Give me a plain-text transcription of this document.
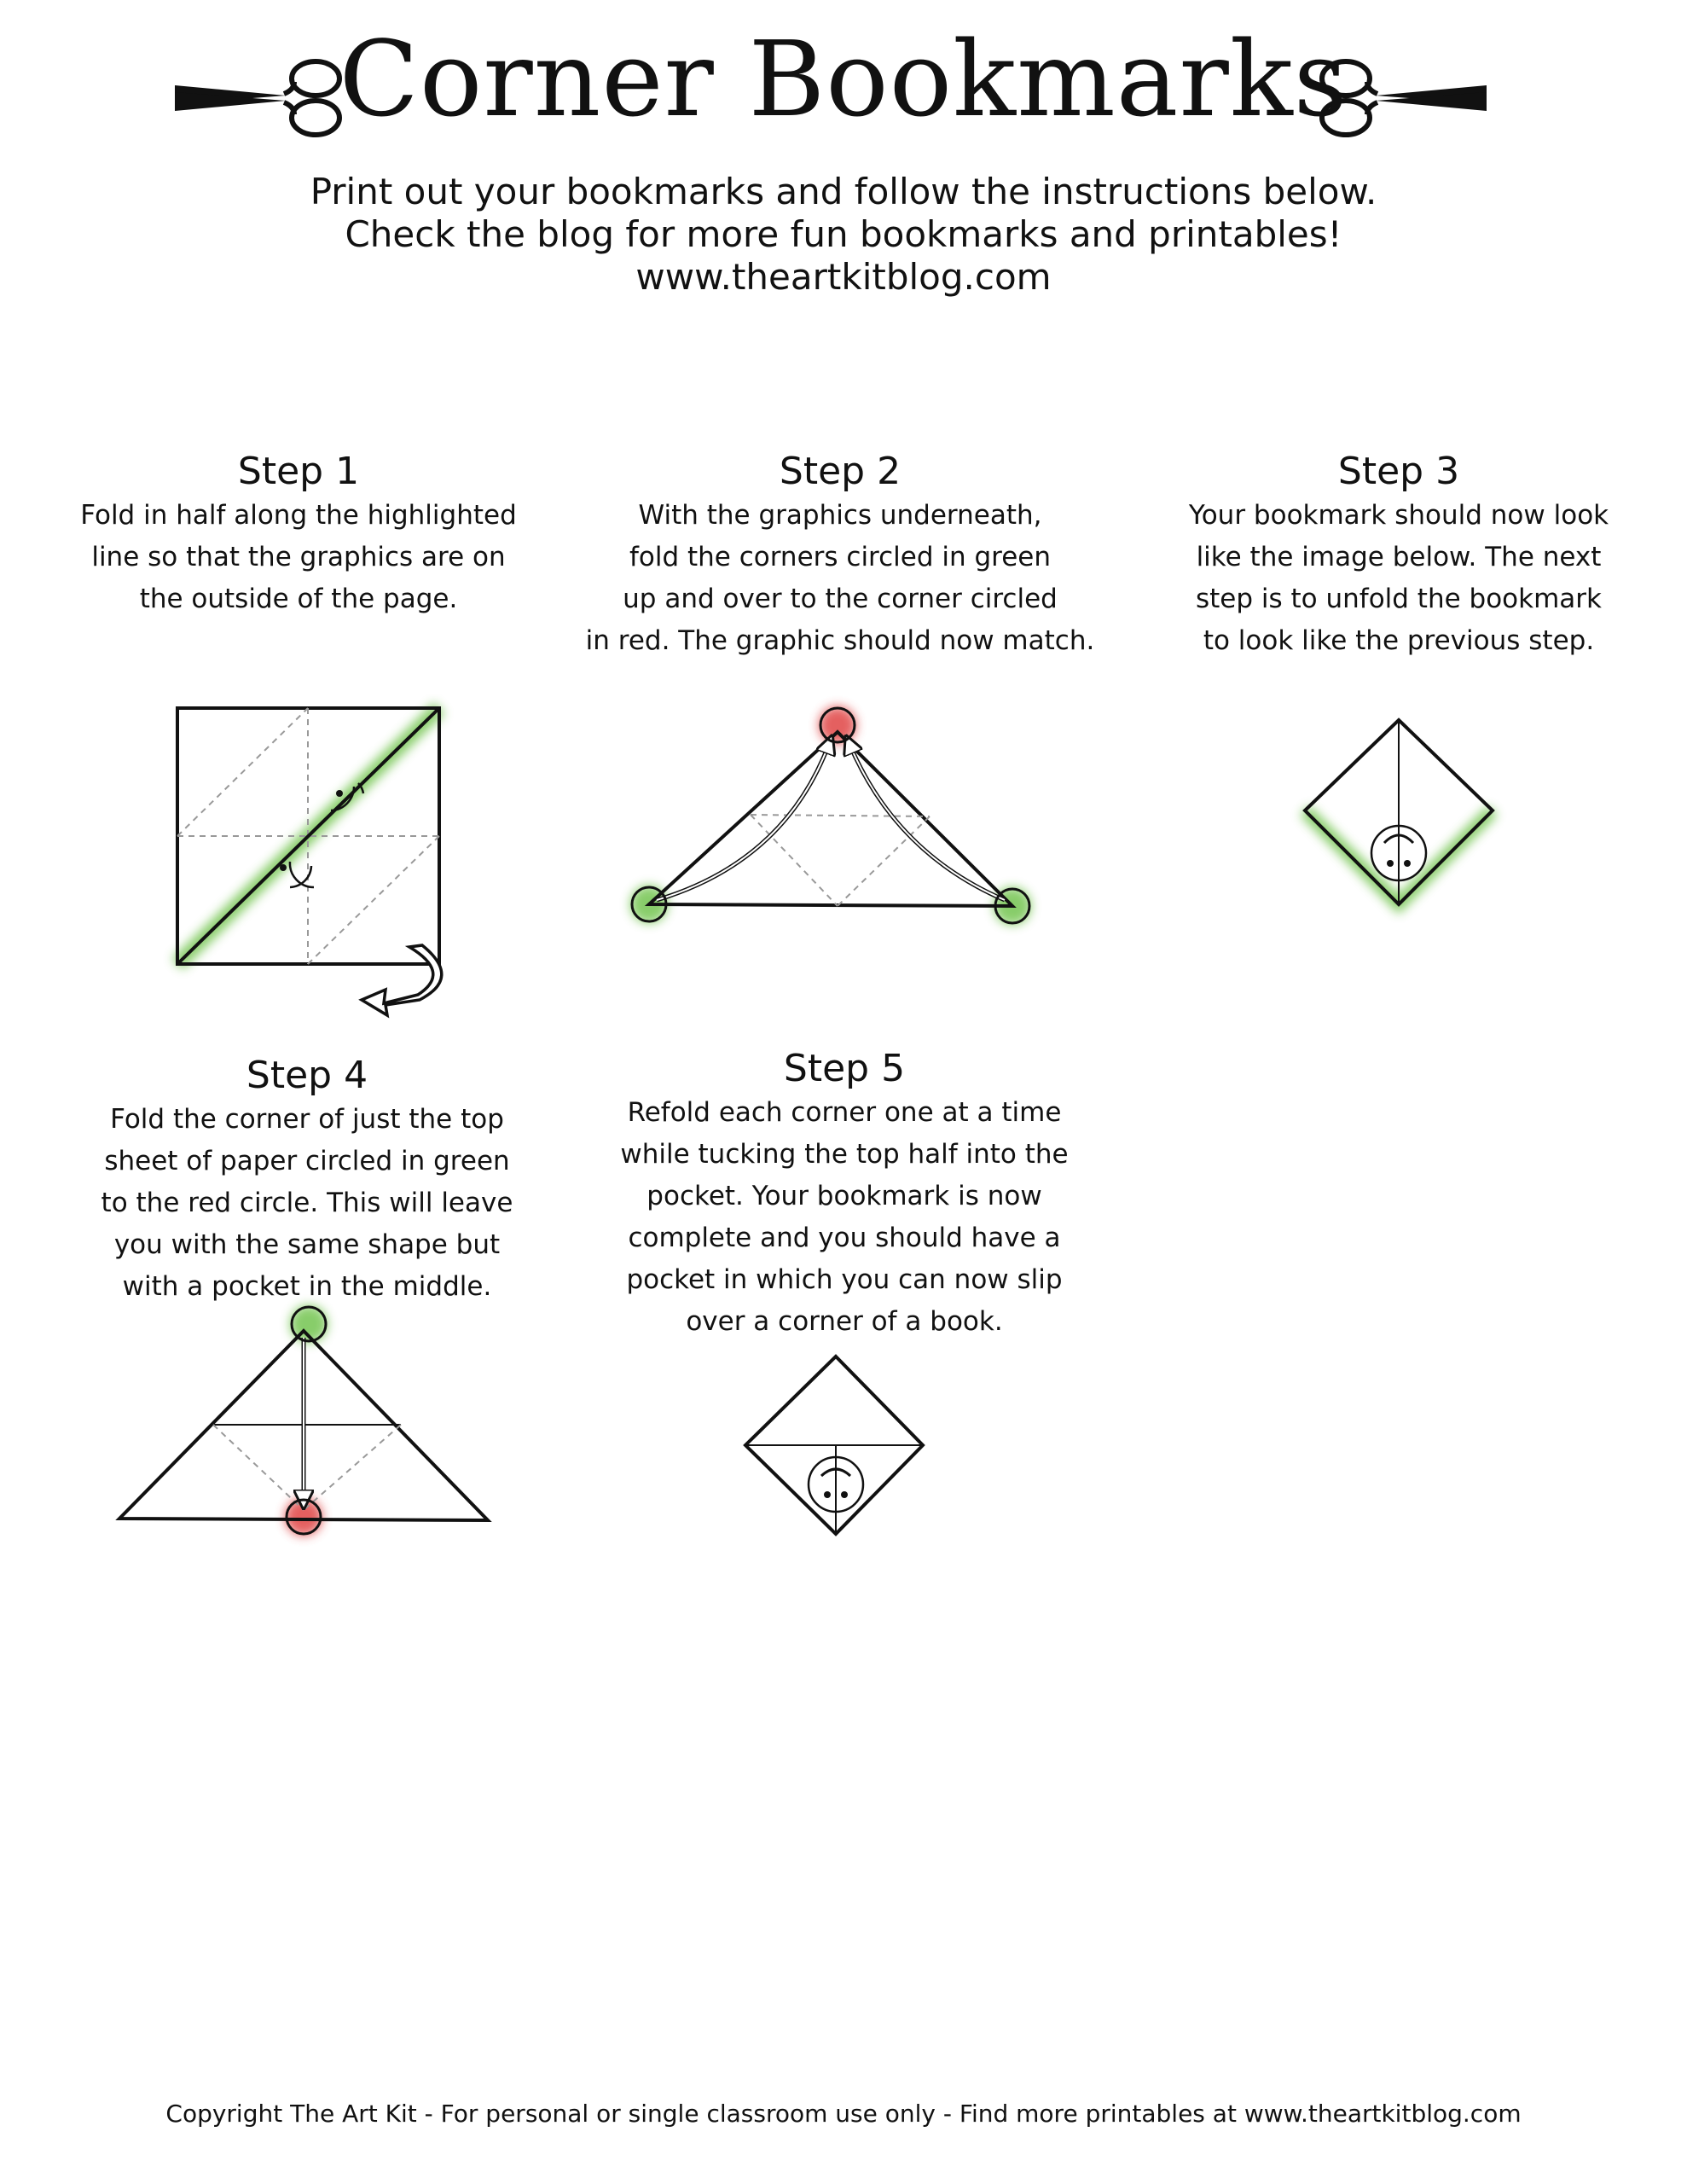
Corner Bookmarks
Print out your bookmarks and follow the instructions below.
Check the blog for more fun bookmarks and printables!
www.theartkitblog.com
Step 1
Fold in half along the highlighted
line so that the graphics are on
the outside of the page.
Step 2
With the graphics underneath,
fold the corners circled in green
up and over to the corner circled
in red. The graphic should now match.
Step 3
Your bookmark should now look
like the image below. The next
step is to unfold the bookmark
to look like the previous step.
Step 4
Fold the corner of just the top
sheet of paper circled in green
to the red circle. This will leave
you with the same shape but
with a pocket in the middle.
Step 5
Refold each corner one at a time
while tucking the top half into the
pocket. Your bookmark is now
complete and you should have a
pocket in which you can now slip
over a corner of a book.
Copyright The Art Kit - For personal or single classroom use only - Find more printables at www.theartkitblog.com
